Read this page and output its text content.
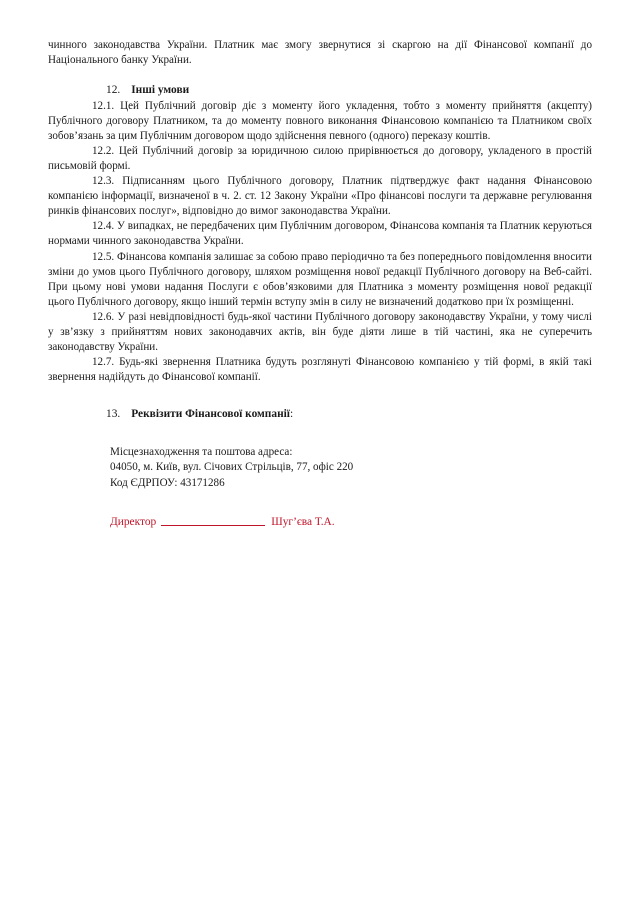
чинного законодавства України. Платник має змогу звернутися зі скаргою на дії Фінансової компанії до Національного банку України.

12. Інші умови

12.1. Цей Публічний договір діє з моменту його укладення, тобто з моменту прийняття (акцепту) Публічного договору Платником, та до моменту повного виконання Фінансовою компанією та Платником своїх зобов’язань за цим Публічним договором щодо здійснення певного (одного) переказу коштів.

12.2. Цей Публічний договір за юридичною силою прирівнюється до договору, укладеного в простій письмовій формі.

12.3. Підписанням цього Публічного договору, Платник підтверджує факт надання Фінансовою компанією інформації, визначеної в ч. 2. ст. 12 Закону України «Про фінансові послуги та державне регулювання ринків фінансових послуг», відповідно до вимог законодавства України.

12.4. У випадках, не передбачених цим Публічним договором, Фінансова компанія та Платник керуються нормами чинного законодавства України.

12.5. Фінансова компанія залишає за собою право періодично та без попереднього повідомлення вносити зміни до умов цього Публічного договору, шляхом розміщення нової редакції Публічного договору на Веб-сайті. При цьому нові умови надання Послуги є обов’язковими для Платника з моменту розміщення нової редакції цього Публічного договору, якщо інший термін вступу змін в силу не визначений додатково при їх розміщенні.

12.6. У разі невідповідності будь-якої частини Публічного договору законодавству України, у тому числі у зв’язку з прийняттям нових законодавчих актів, він буде діяти лише в тій частині, яка не суперечить законодавству України.

12.7. Будь-які звернення Платника будуть розглянуті Фінансовою компанією у тій формі, в якій такі звернення надійдуть до Фінансової компанії.

13. Реквізити Фінансової компанії:
Місцезнаходження та поштова адреса:
04050, м. Київ, вул. Січових Стрільців, 77, офіс 220
Код ЄДРПОУ: 43171286
Директор	Шуг’єва Т.А.
